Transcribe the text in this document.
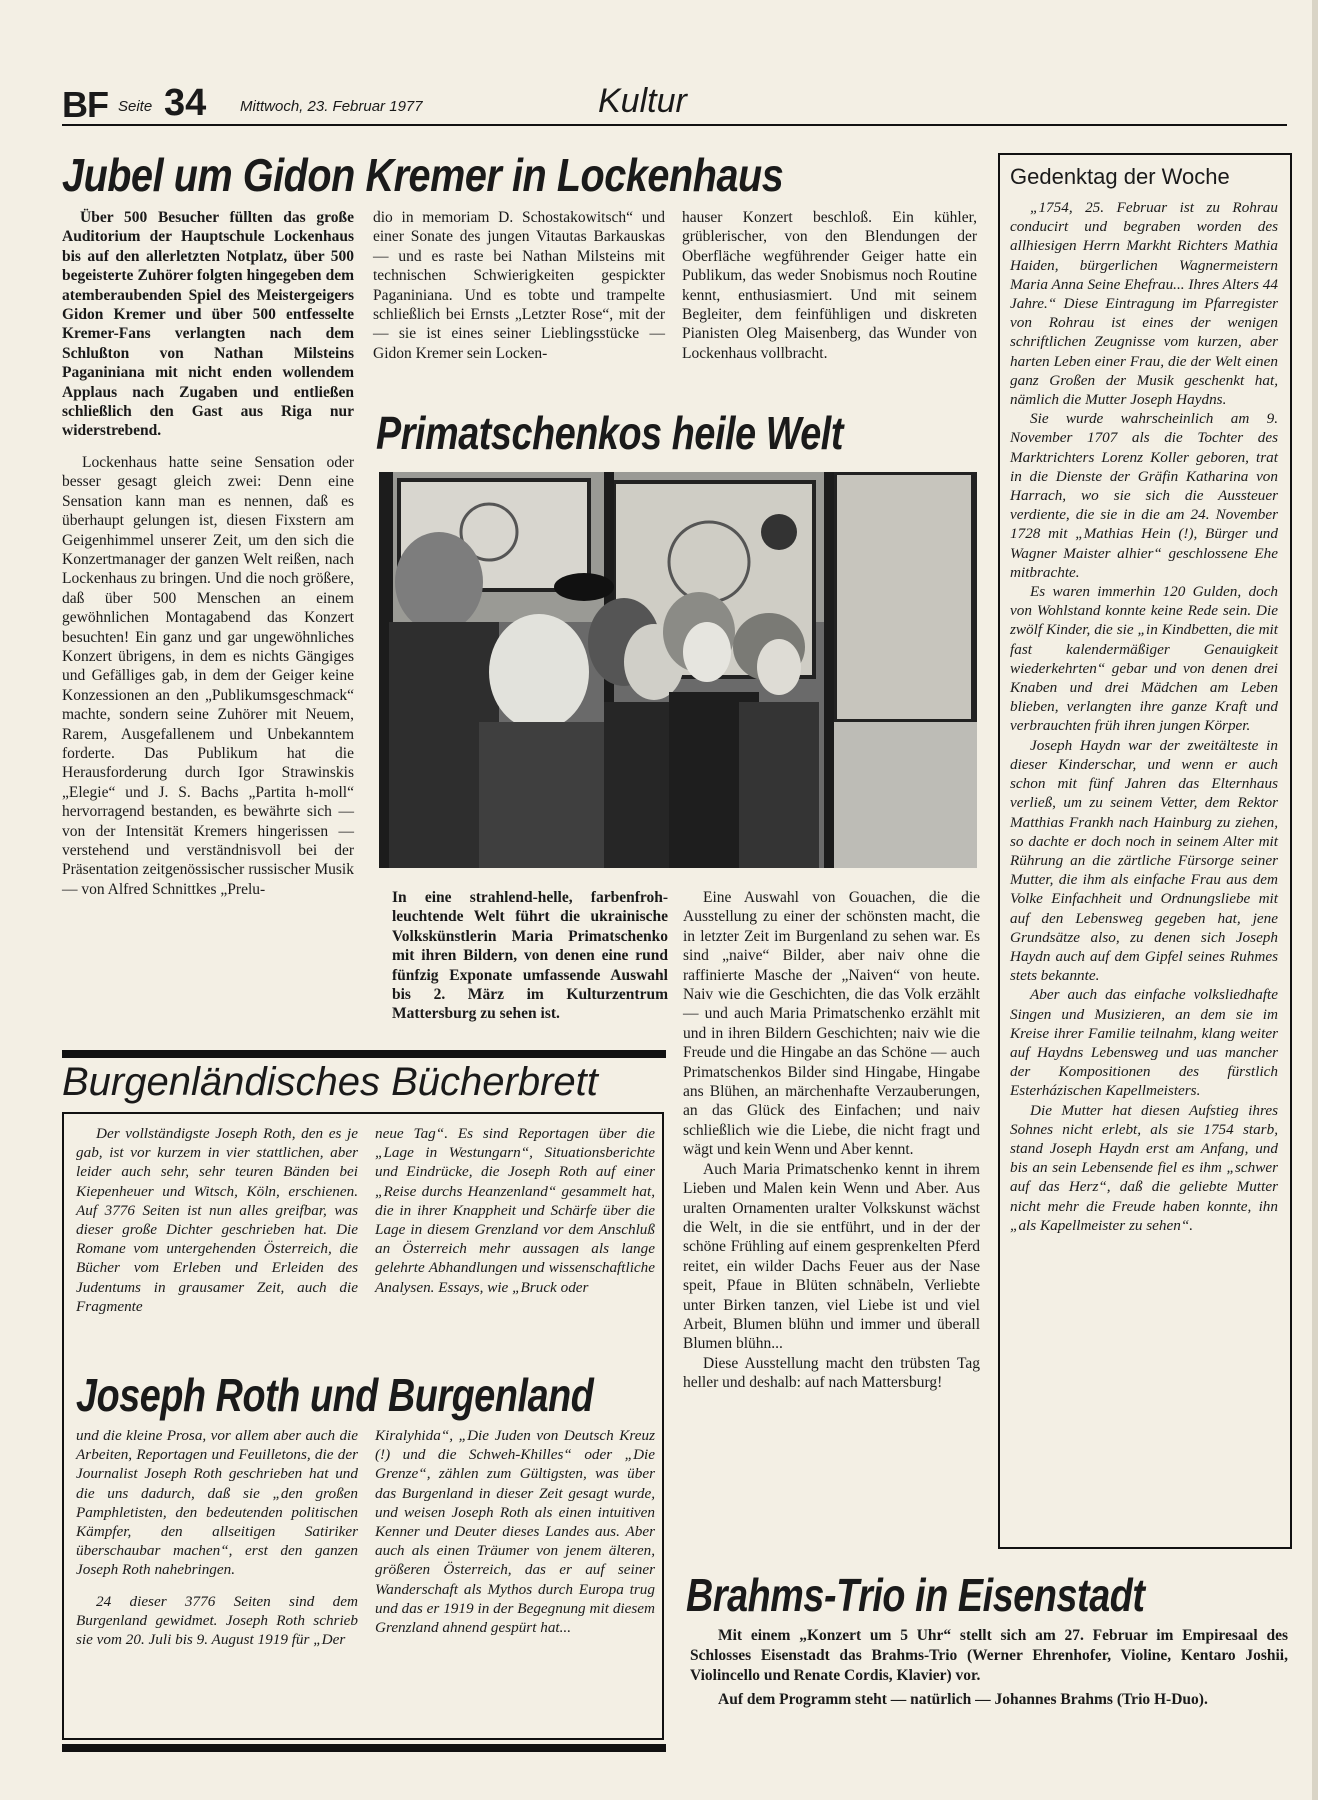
BF Seite 34 Mittwoch, 23. Februar 1977	Kultur
Jubel um Gidon Kremer in Lockenhaus

Über 500 Besucher füllten das große Auditorium der Hauptschule Lockenhaus bis auf den allerletzten Notplatz, über 500 begeisterte Zuhörer folgten hingegeben dem atemberaubenden Spiel des Meistergeigers Gidon Kremer und über 500 entfesselte Kremer-Fans verlangten nach dem Schlußton von Nathan Milsteins Paganiniana mit nicht enden wollendem Applaus nach Zugaben und entließen schließlich den Gast aus Riga nur widerstrebend.

Lockenhaus hatte seine Sensation oder besser gesagt gleich zwei: Denn eine Sensation kann man es nennen, daß es überhaupt gelungen ist, diesen Fixstern am Geigenhimmel unserer Zeit, um den sich die Konzertmanager der ganzen Welt reißen, nach Lockenhaus zu bringen. Und die noch größere, daß über 500 Menschen an einem gewöhnlichen Montagabend das Konzert besuchten! Ein ganz und gar ungewöhnliches Konzert übrigens, in dem es nichts Gängiges und Gefälliges gab, in dem der Geiger keine Konzessionen an den „Publikumsgeschmack“ machte, sondern seine Zuhörer mit Neuem, Rarem, Ausgefallenem und Unbekanntem forderte. Das Publikum hat die Herausforderung durch Igor Strawinskis „Elegie“ und J. S. Bachs „Partita h-moll“ hervorragend bestanden, es bewährte sich — von der Intensität Kremers hingerissen — verstehend und verständnisvoll bei der Präsentation zeitgenössischer russischer Musik — von Alfred Schnittkes „Prelu-

dio in memoriam D. Schostakowitsch“ und einer Sonate des jungen Vitautas Barkauskas — und es raste bei Nathan Milsteins mit technischen Schwierigkeiten gespickter Paganiniana. Und es tobte und trampelte schließlich bei Ernsts „Letzter Rose“, mit der — sie ist eines seiner Lieblingsstücke — Gidon Kremer sein Locken-

hauser Konzert beschloß. Ein kühler, grüblerischer, von den Blendungen der Oberfläche wegführender Geiger hatte ein Publikum, das weder Snobismus noch Routine kennt, enthusiasmiert. Und mit seinem Begleiter, dem feinfühligen und diskreten Pianisten Oleg Maisenberg, das Wunder von Lockenhaus vollbracht.

Primatschenkos heile Welt
In eine strahlend-helle, farbenfroh-leuchtende Welt führt die ukrainische Volkskünstlerin Maria Primatschenko mit ihren Bildern, von denen eine rund fünfzig Exponate umfassende Auswahl bis 2. März im Kulturzentrum Mattersburg zu sehen ist.

Eine Auswahl von Gouachen, die die Ausstellung zu einer der schönsten macht, die in letzter Zeit im Burgenland zu sehen war. Es sind „naive“ Bilder, aber naiv ohne die raffinierte Masche der „Naiven“ von heute. Naiv wie die Geschichten, die das Volk erzählt — und auch Maria Primatschenko erzählt mit und in ihren Bildern Geschichten; naiv wie die Freude und die Hingabe an das Schöne — auch Primatschenkos Bilder sind Hingabe, Hingabe ans Blühen, an märchenhafte Verzauberungen, an das Glück des Einfachen; und naiv schließlich wie die Liebe, die nicht fragt und wägt und kein Wenn und Aber kennt.

Auch Maria Primatschenko kennt in ihrem Lieben und Malen kein Wenn und Aber. Aus uralten Ornamenten uralter Volkskunst wächst die Welt, in die sie entführt, und in der der schöne Frühling auf einem gesprenkelten Pferd reitet, ein wilder Dachs Feuer aus der Nase speit, Pfaue in Blüten schnäbeln, Verliebte unter Birken tanzen, viel Liebe ist und viel Arbeit, Blumen blühn und immer und überall Blumen blühn...

Diese Ausstellung macht den trübsten Tag heller und deshalb: auf nach Mattersburg!

Gedenktag der Woche

„1754, 25. Februar ist zu Rohrau conducirt und begraben worden des allhiesigen Herrn Markht Richters Mathia Haiden, bürgerlichen Wagnermeistern Maria Anna Seine Ehefrau... Ihres Alters 44 Jahre.“ Diese Eintragung im Pfarregister von Rohrau ist eines der wenigen schriftlichen Zeugnisse vom kurzen, aber harten Leben einer Frau, die der Welt einen ganz Großen der Musik geschenkt hat, nämlich die Mutter Joseph Haydns.

Sie wurde wahrscheinlich am 9. November 1707 als die Tochter des Marktrichters Lorenz Koller geboren, trat in die Dienste der Gräfin Katharina von Harrach, wo sie sich die Aussteuer verdiente, die sie in die am 24. November 1728 mit „Mathias Hein (!), Bürger und Wagner Maister alhier“ geschlossene Ehe mitbrachte.

Es waren immerhin 120 Gulden, doch von Wohlstand konnte keine Rede sein. Die zwölf Kinder, die sie „in Kindbetten, die mit fast kalendermäßiger Genauigkeit wiederkehrten“ gebar und von denen drei Knaben und drei Mädchen am Leben blieben, verlangten ihre ganze Kraft und verbrauchten früh ihren jungen Körper.

Joseph Haydn war der zweitälteste in dieser Kinderschar, und wenn er auch schon mit fünf Jahren das Elternhaus verließ, um zu seinem Vetter, dem Rektor Matthias Frankh nach Hainburg zu ziehen, so dachte er doch noch in seinem Alter mit Rührung an die zärtliche Fürsorge seiner Mutter, die ihm als einfache Frau aus dem Volke Einfachheit und Ordnungsliebe mit auf den Lebensweg gegeben hat, jene Grundsätze also, zu denen sich Joseph Haydn auch auf dem Gipfel seines Ruhmes stets bekannte.

Aber auch das einfache volksliedhafte Singen und Musizieren, an dem sie im Kreise ihrer Familie teilnahm, klang weiter auf Haydns Lebensweg und uas mancher der Kompositionen des fürstlich Esterházischen Kapellmeisters.

Die Mutter hat diesen Aufstieg ihres Sohnes nicht erlebt, als sie 1754 starb, stand Joseph Haydn erst am Anfang, und bis an sein Lebensende fiel es ihm „schwer auf das Herz“, daß die geliebte Mutter nicht mehr die Freude haben konnte, ihn „als Kapellmeister zu sehen“.

Burgenländisches Bücherbrett

Der vollständigste Joseph Roth, den es je gab, ist vor kurzem in vier stattlichen, aber leider auch sehr, sehr teuren Bänden bei Kiepenheuer und Witsch, Köln, erschienen. Auf 3776 Seiten ist nun alles greifbar, was dieser große Dichter geschrieben hat. Die Romane vom untergehenden Österreich, die Bücher vom Erleben und Erleiden des Judentums in grausamer Zeit, auch die Fragmente

neue Tag“. Es sind Reportagen über die „Lage in Westungarn“, Situationsberichte und Eindrücke, die Joseph Roth auf einer „Reise durchs Heanzenland“ gesammelt hat, die in ihrer Knappheit und Schärfe über die Lage in diesem Grenzland vor dem Anschluß an Österreich mehr aussagen als lange gelehrte Abhandlungen und wissenschaftliche Analysen. Essays, wie „Bruck oder

Joseph Roth und Burgenland

und die kleine Prosa, vor allem aber auch die Arbeiten, Reportagen und Feuilletons, die der Journalist Joseph Roth geschrieben hat und die uns dadurch, daß sie „den großen Pamphletisten, den bedeutenden politischen Kämpfer, den allseitigen Satiriker überschaubar machen“, erst den ganzen Joseph Roth nahebringen.

24 dieser 3776 Seiten sind dem Burgenland gewidmet. Joseph Roth schrieb sie vom 20. Juli bis 9. August 1919 für „Der

Kiralyhida“, „Die Juden von Deutsch Kreuz (!) und die Schweh-Khilles“ oder „Die Grenze“, zählen zum Gültigsten, was über das Burgenland in dieser Zeit gesagt wurde, und weisen Joseph Roth als einen intuitiven Kenner und Deuter dieses Landes aus. Aber auch als einen Träumer von jenem älteren, größeren Österreich, das er auf seiner Wanderschaft als Mythos durch Europa trug und das er 1919 in der Begegnung mit diesem Grenzland ahnend gespürt hat...

Brahms-Trio in Eisenstadt

Mit einem „Konzert um 5 Uhr“ stellt sich am 27. Februar im Empiresaal des Schlosses Eisenstadt das Brahms-Trio (Werner Ehrenhofer, Violine, Kentaro Joshii, Violincello und Renate Cordis, Klavier) vor.

Auf dem Programm steht — natürlich — Johannes Brahms (Trio H-Duo).
